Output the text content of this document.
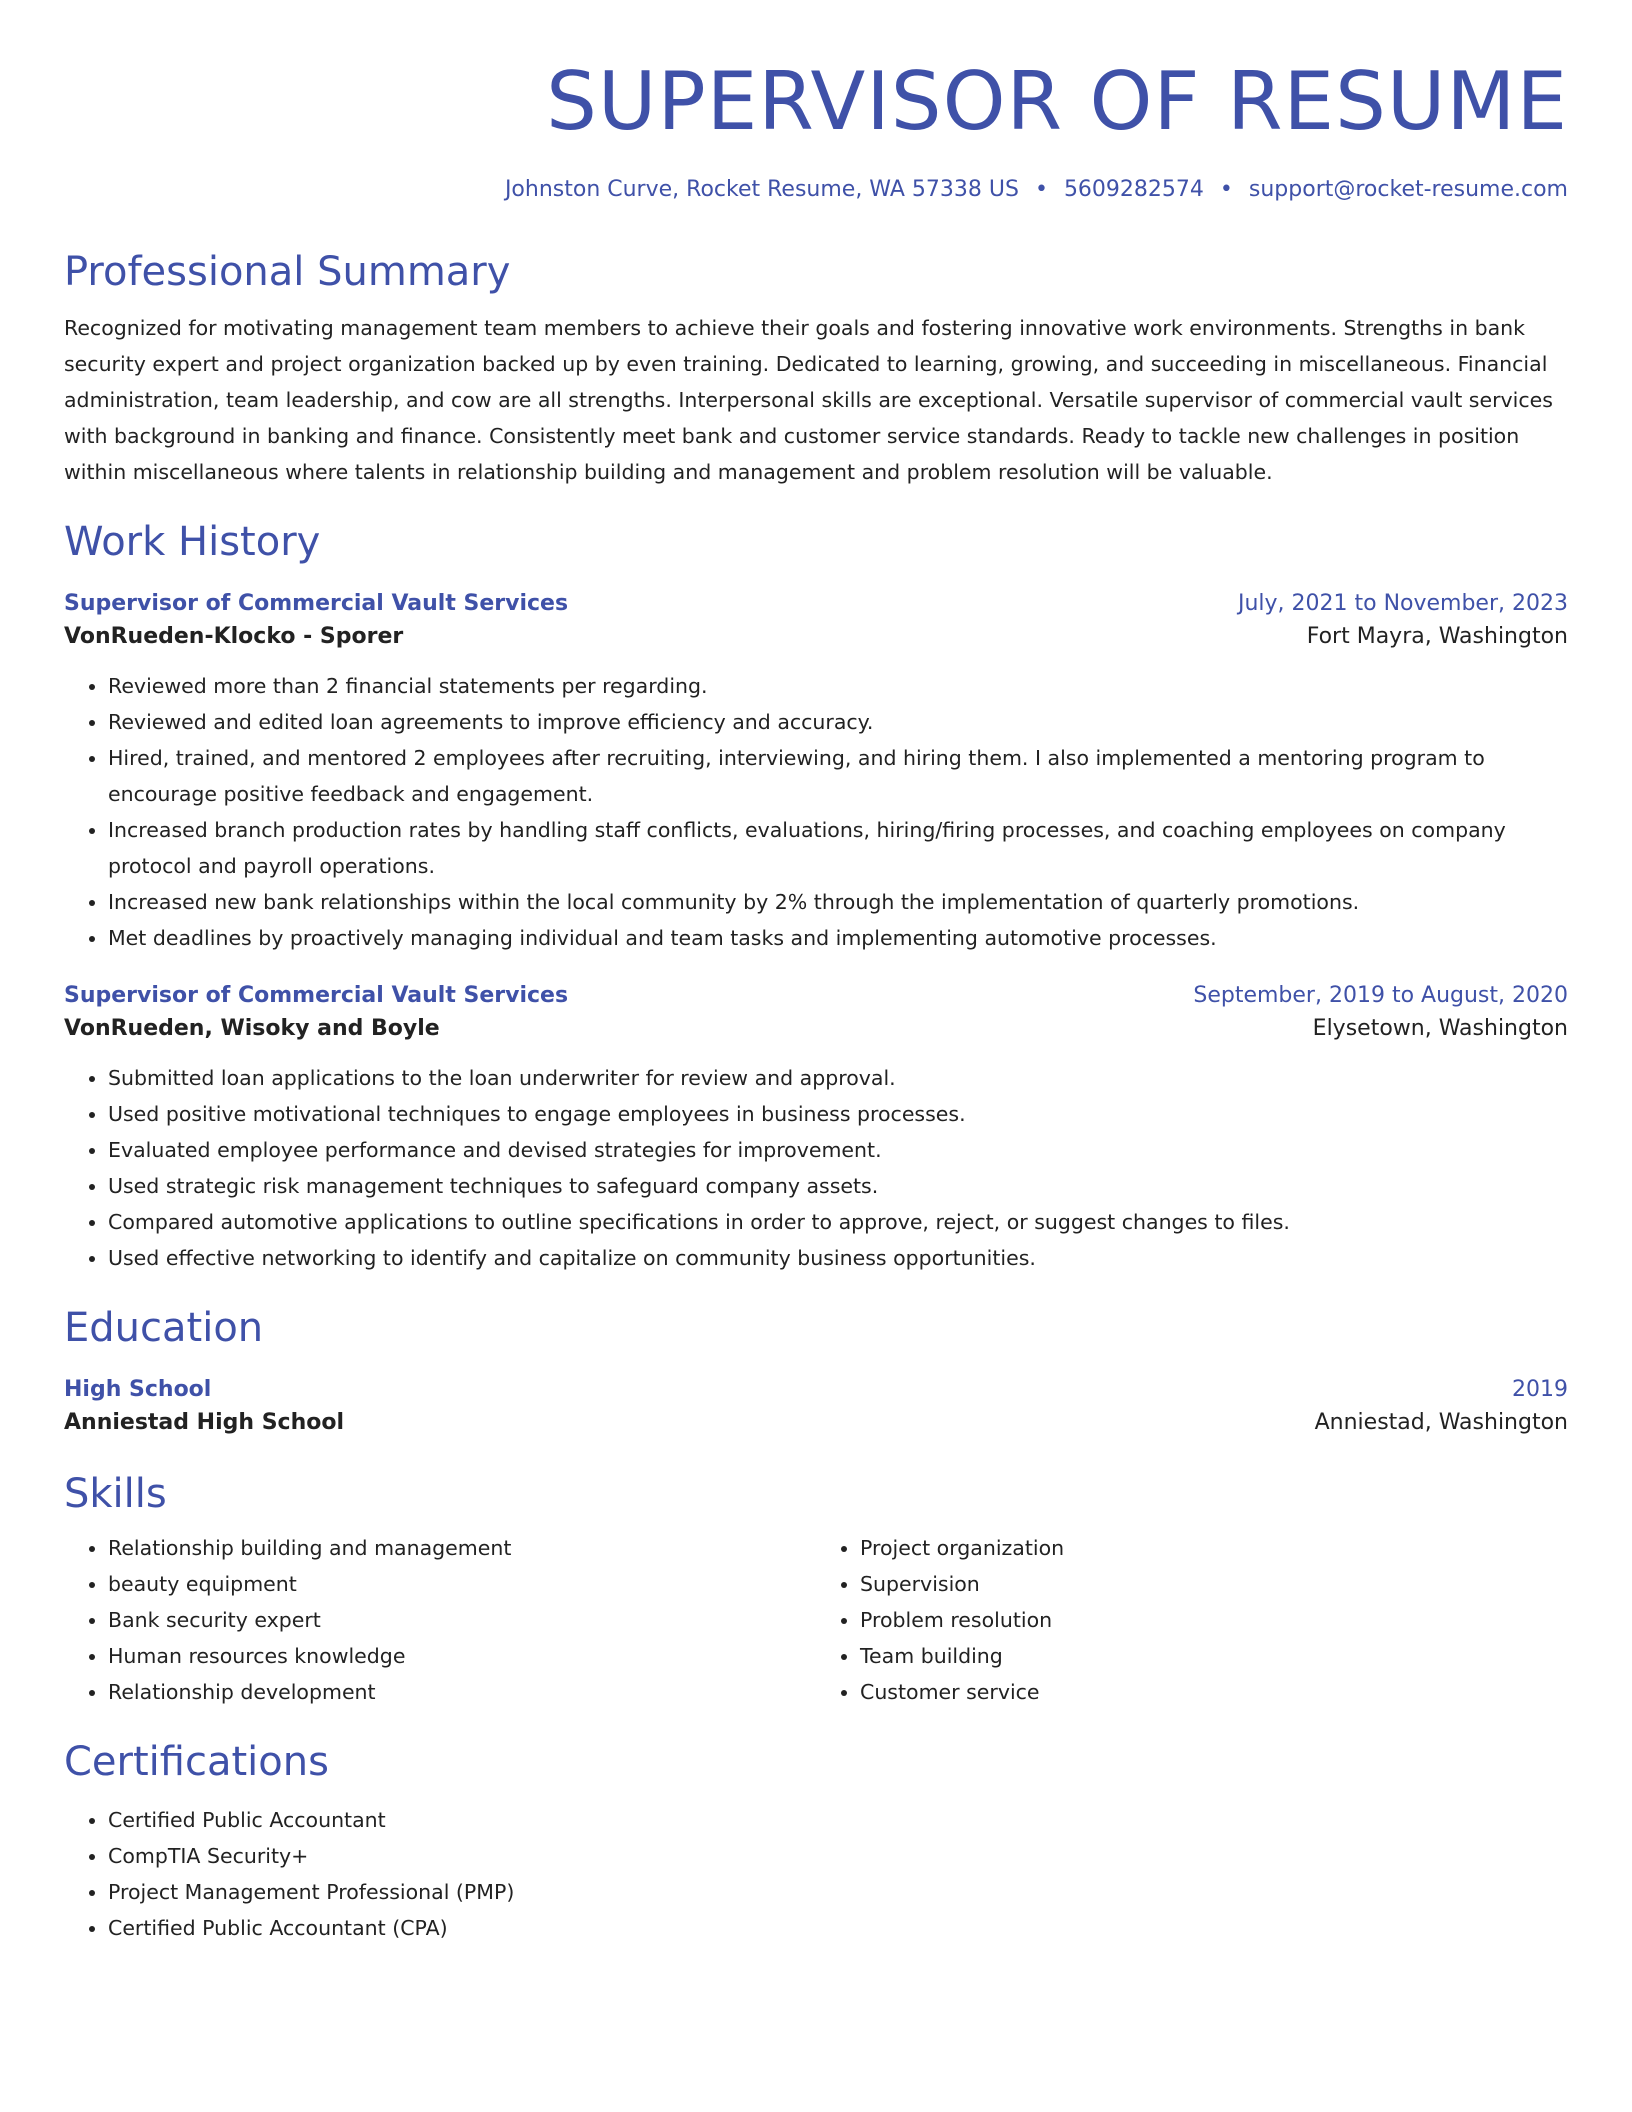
SUPERVISOR OF RESUME
Johnston Curve, Rocket Resume, WA 57338 US • 5609282574 • support@rocket-resume.com
Professional Summary
Recognized for motivating management team members to achieve their goals and fostering innovative work environments. Strengths in bank security expert and project organization backed up by even training. Dedicated to learning, growing, and succeeding in miscellaneous. Financial administration, team leadership, and cow are all strengths. Interpersonal skills are exceptional. Versatile supervisor of commercial vault services with background in banking and finance. Consistently meet bank and customer service standards. Ready to tackle new challenges in position within miscellaneous where talents in relationship building and management and problem resolution will be valuable.
Work History
Supervisor of Commercial Vault Services	July, 2021 to November, 2023
VonRueden-Klocko - Sporer	Fort Mayra, Washington
• Reviewed more than 2 financial statements per regarding.
• Reviewed and edited loan agreements to improve efficiency and accuracy.
• Hired, trained, and mentored 2 employees after recruiting, interviewing, and hiring them. I also implemented a mentoring program to encourage positive feedback and engagement.
• Increased branch production rates by handling staff conflicts, evaluations, hiring/firing processes, and coaching employees on company protocol and payroll operations.
• Increased new bank relationships within the local community by 2% through the implementation of quarterly promotions.
• Met deadlines by proactively managing individual and team tasks and implementing automotive processes.
Supervisor of Commercial Vault Services	September, 2019 to August, 2020
VonRueden, Wisoky and Boyle	Elysetown, Washington
• Submitted loan applications to the loan underwriter for review and approval.
• Used positive motivational techniques to engage employees in business processes.
• Evaluated employee performance and devised strategies for improvement.
• Used strategic risk management techniques to safeguard company assets.
• Compared automotive applications to outline specifications in order to approve, reject, or suggest changes to files.
• Used effective networking to identify and capitalize on community business opportunities.
Education
High School	2019
Anniestad High School	Anniestad, Washington
Skills
• Relationship building and management
• beauty equipment
• Bank security expert
• Human resources knowledge
• Relationship development
• Project organization
• Supervision
• Problem resolution
• Team building
• Customer service
Certifications
• Certified Public Accountant
• CompTIA Security+
• Project Management Professional (PMP)
• Certified Public Accountant (CPA)
